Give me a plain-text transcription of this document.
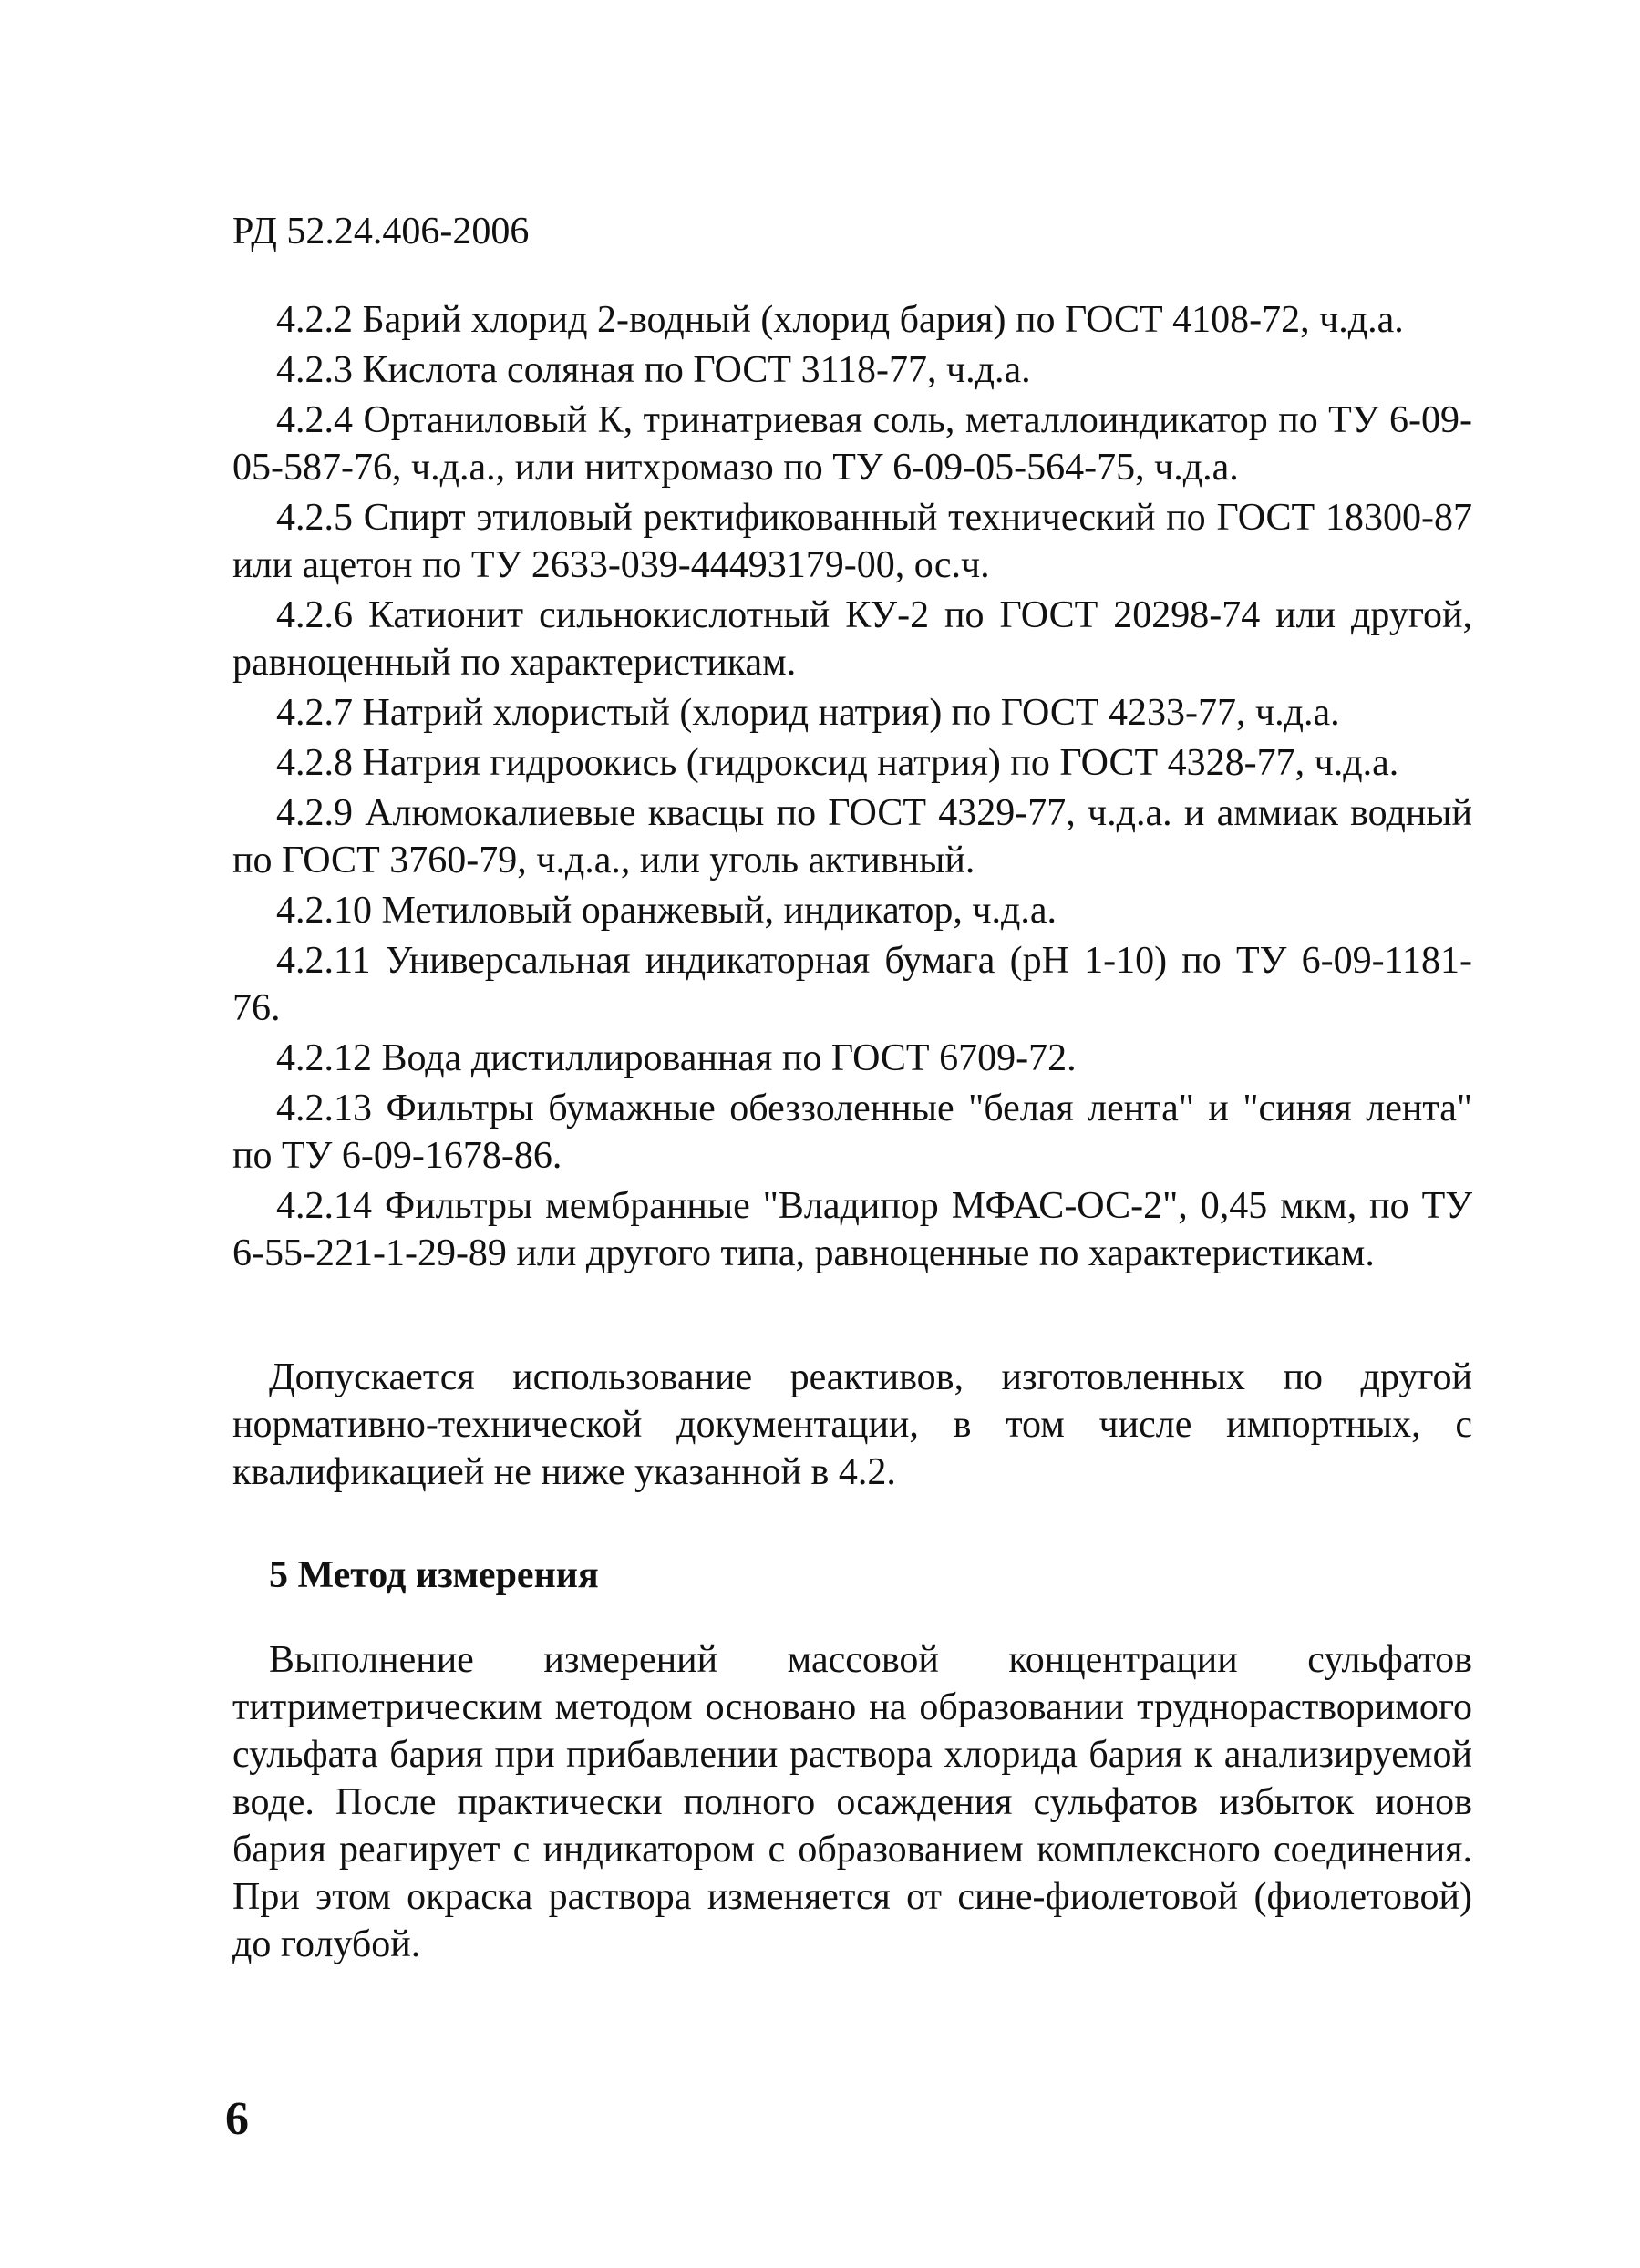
РД 52.24.406-2006

4.2.2 Барий хлорид 2-водный (хлорид бария) по ГОСТ 4108-72, ч.д.а.

4.2.3 Кислота соляная по ГОСТ 3118-77, ч.д.а.

4.2.4 Ортаниловый К, тринатриевая соль, металлоиндикатор по ТУ 6-09-05-587-76, ч.д.а., или нитхромазо по ТУ 6-09-05-564-75, ч.д.а.

4.2.5 Спирт этиловый ректификованный технический по ГОСТ 18300-87 или ацетон по ТУ 2633-039-44493179-00, ос.ч.

4.2.6 Катионит сильнокислотный КУ-2 по ГОСТ 20298-74 или другой, равноценный по характеристикам.

4.2.7 Натрий хлористый (хлорид натрия) по ГОСТ 4233-77, ч.д.а.

4.2.8 Натрия гидроокись (гидроксид натрия) по ГОСТ 4328-77, ч.д.а.

4.2.9 Алюмокалиевые квасцы по ГОСТ 4329-77, ч.д.а. и аммиак водный по ГОСТ 3760-79, ч.д.а., или уголь активный.

4.2.10 Метиловый оранжевый, индикатор, ч.д.а.

4.2.11 Универсальная индикаторная бумага (рН 1-10) по ТУ 6-09-1181-76.

4.2.12 Вода дистиллированная по ГОСТ 6709-72.

4.2.13 Фильтры бумажные обеззоленные "белая лента" и "синяя лента" по ТУ 6-09-1678-86.

4.2.14 Фильтры мембранные "Владипор МФАС-ОС-2", 0,45 мкм, по ТУ 6-55-221-1-29-89 или другого типа, равноценные по характеристикам.

Допускается использование реактивов, изготовленных по другой нормативно-технической документации, в том числе импортных, с квалификацией не ниже указанной в 4.2.

5 Метод измерения

Выполнение измерений массовой концентрации сульфатов титриметрическим методом основано на образовании труднорастворимого сульфата бария при прибавлении раствора хлорида бария к анализируемой воде. После практически полного осаждения сульфатов избыток ионов бария реагирует с индикатором с образованием комплексного соединения. При этом окраска раствора изменяется от сине-фиолетовой (фиолетовой) до голубой.

6
